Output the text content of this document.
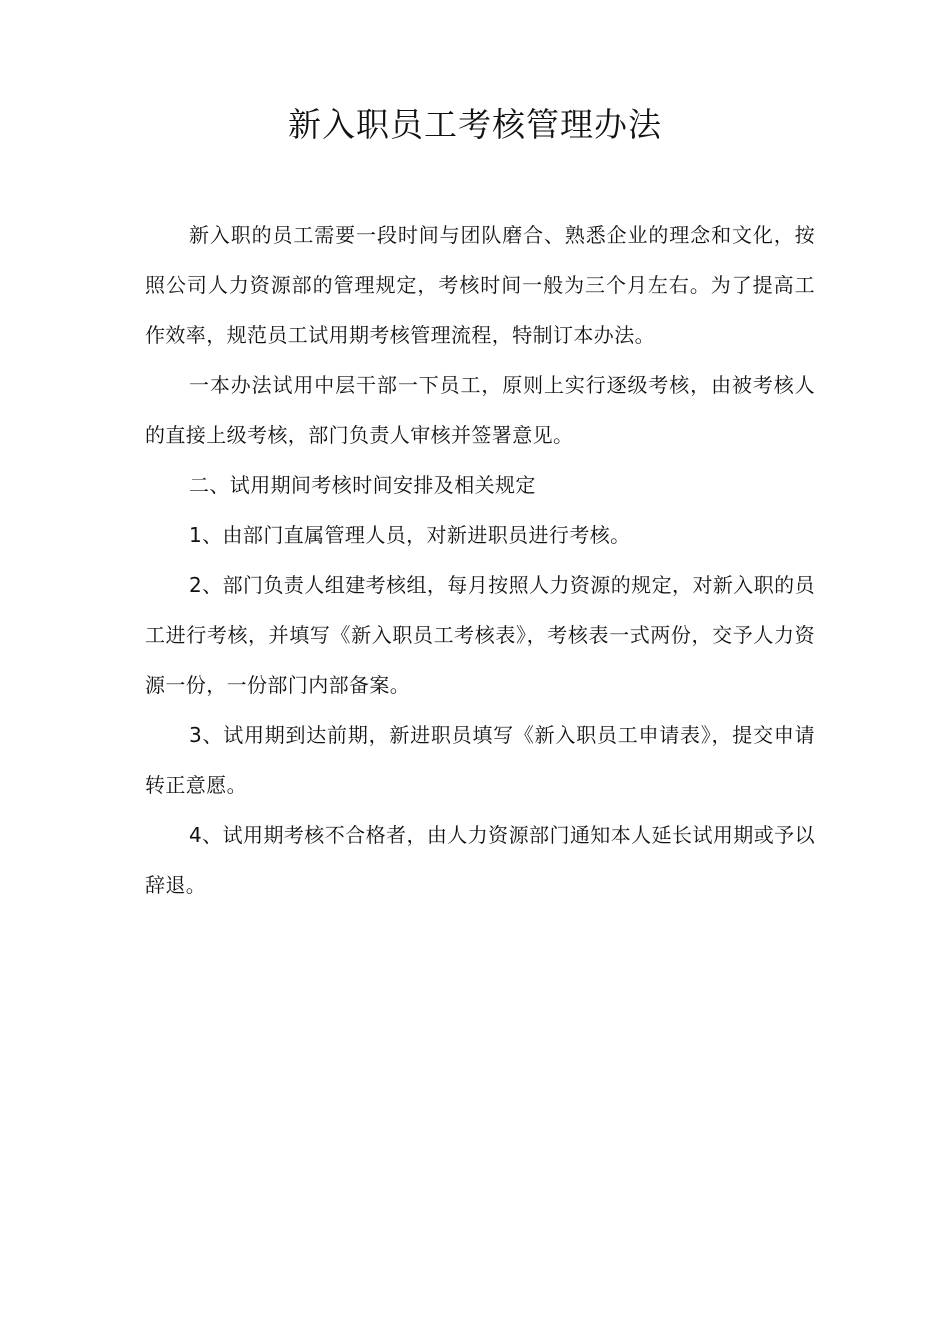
新入职员工考核管理办法

新入职的员工需要一段时间与团队磨合、熟悉企业的理念和文化，按照公司人力资源部的管理规定，考核时间一般为三个月左右。为了提高工作效率，规范员工试用期考核管理流程，特制订本办法。

一本办法试用中层干部一下员工，原则上实行逐级考核，由被考核人的直接上级考核，部门负责人审核并签署意见。

二、试用期间考核时间安排及相关规定

1、由部门直属管理人员，对新进职员进行考核。

2、部门负责人组建考核组，每月按照人力资源的规定，对新入职的员工进行考核，并填写《新入职员工考核表》，考核表一式两份，交予人力资源一份，一份部门内部备案。

3、试用期到达前期，新进职员填写《新入职员工申请表》，提交申请转正意愿。

4、试用期考核不合格者，由人力资源部门通知本人延长试用期或予以辞退。
